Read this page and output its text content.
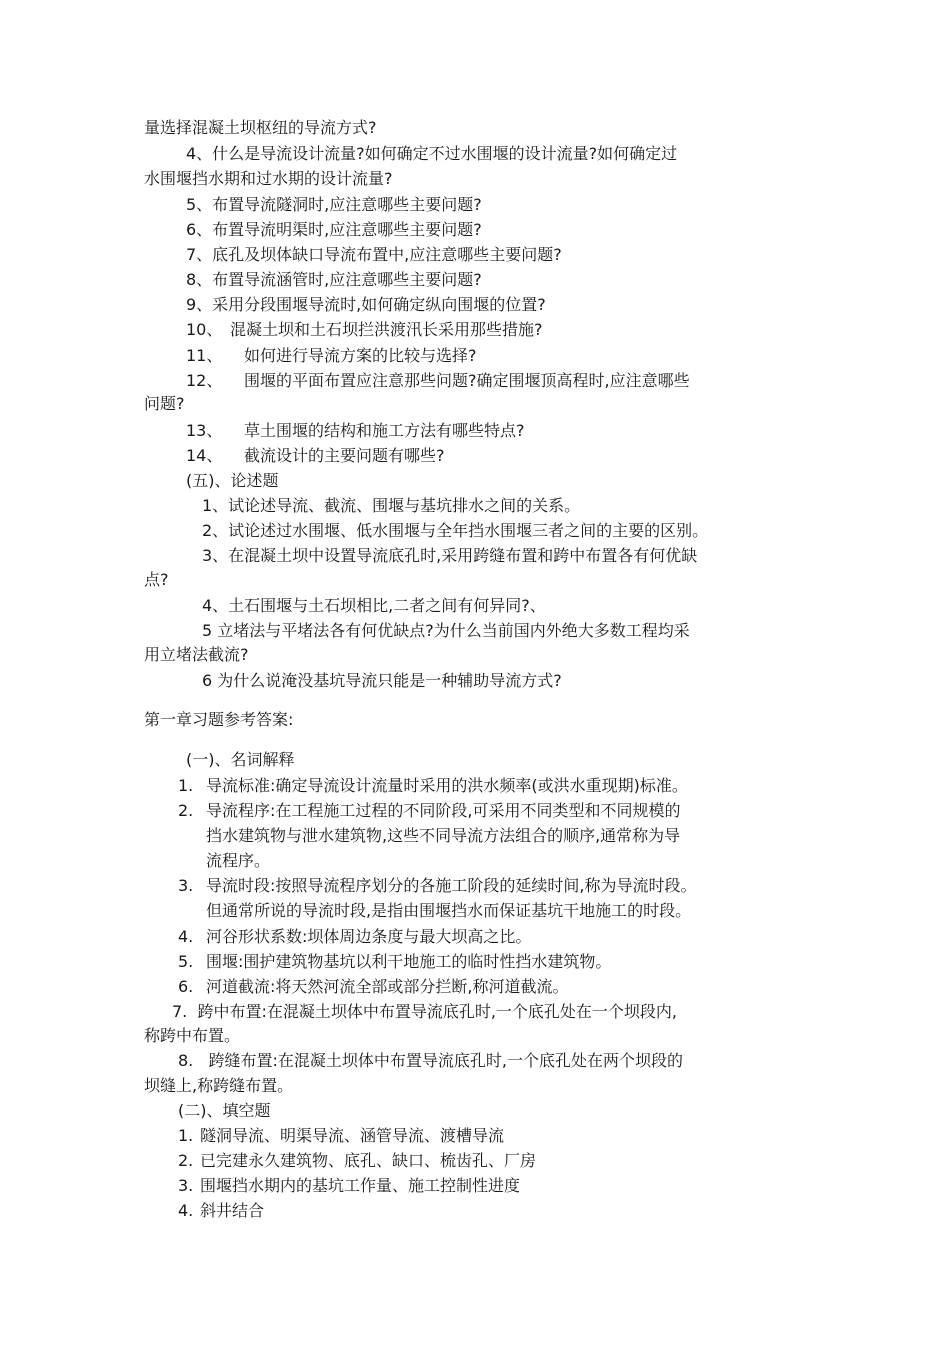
量选择混凝土坝枢纽的导流方式?
4、什么是导流设计流量?如何确定不过水围堰的设计流量?如何确定过
水围堰挡水期和过水期的设计流量?
5、布置导流隧洞时,应注意哪些主要问题?
6、布置导流明渠时,应注意哪些主要问题?
7、底孔及坝体缺口导流布置中,应注意哪些主要问题?
8、布置导流涵管时,应注意哪些主要问题?
9、采用分段围堰导流时,如何确定纵向围堰的位置?
10、 混凝土坝和土石坝拦洪渡汛长采用那些措施?
11、 如何进行导流方案的比较与选择?
12、 围堰的平面布置应注意那些问题?确定围堰顶高程时,应注意哪些
问题?
13、 草土围堰的结构和施工方法有哪些特点?
14、 截流设计的主要问题有哪些?
(五)、论述题
1、试论述导流、截流、围堰与基坑排水之间的关系。
2、试论述过水围堰、低水围堰与全年挡水围堰三者之间的主要的区别。
3、在混凝土坝中设置导流底孔时,采用跨缝布置和跨中布置各有何优缺
点?
4、土石围堰与土石坝相比,二者之间有何异同?、
5 立堵法与平堵法各有何优缺点?为什么当前国内外绝大多数工程均采
用立堵法截流?
6 为什么说淹没基坑导流只能是一种辅助导流方式?
第一章习题参考答案:
(一)、名词解释
1. 导流标准:确定导流设计流量时采用的洪水频率(或洪水重现期)标准。
2. 导流程序:在工程施工过程的不同阶段,可采用不同类型和不同规模的
挡水建筑物与泄水建筑物,这些不同导流方法组合的顺序,通常称为导
流程序。
3. 导流时段:按照导流程序划分的各施工阶段的延续时间,称为导流时段。
但通常所说的导流时段,是指由围堰挡水而保证基坑干地施工的时段。
4. 河谷形状系数:坝体周边条度与最大坝高之比。
5. 围堰:围护建筑物基坑以利干地施工的临时性挡水建筑物。
6. 河道截流:将天然河流全部或部分拦断,称河道截流。
7.  跨中布置:在混凝土坝体中布置导流底孔时,一个底孔处在一个坝段内,
称跨中布置。
8.   跨缝布置:在混凝土坝体中布置导流底孔时,一个底孔处在两个坝段的
坝缝上,称跨缝布置。
(二)、填空题
1. 隧洞导流、明渠导流、涵管导流、渡槽导流
2. 已完建永久建筑物、底孔、缺口、梳齿孔、厂房
3. 围堰挡水期内的基坑工作量、施工控制性进度
4. 斜井结合
